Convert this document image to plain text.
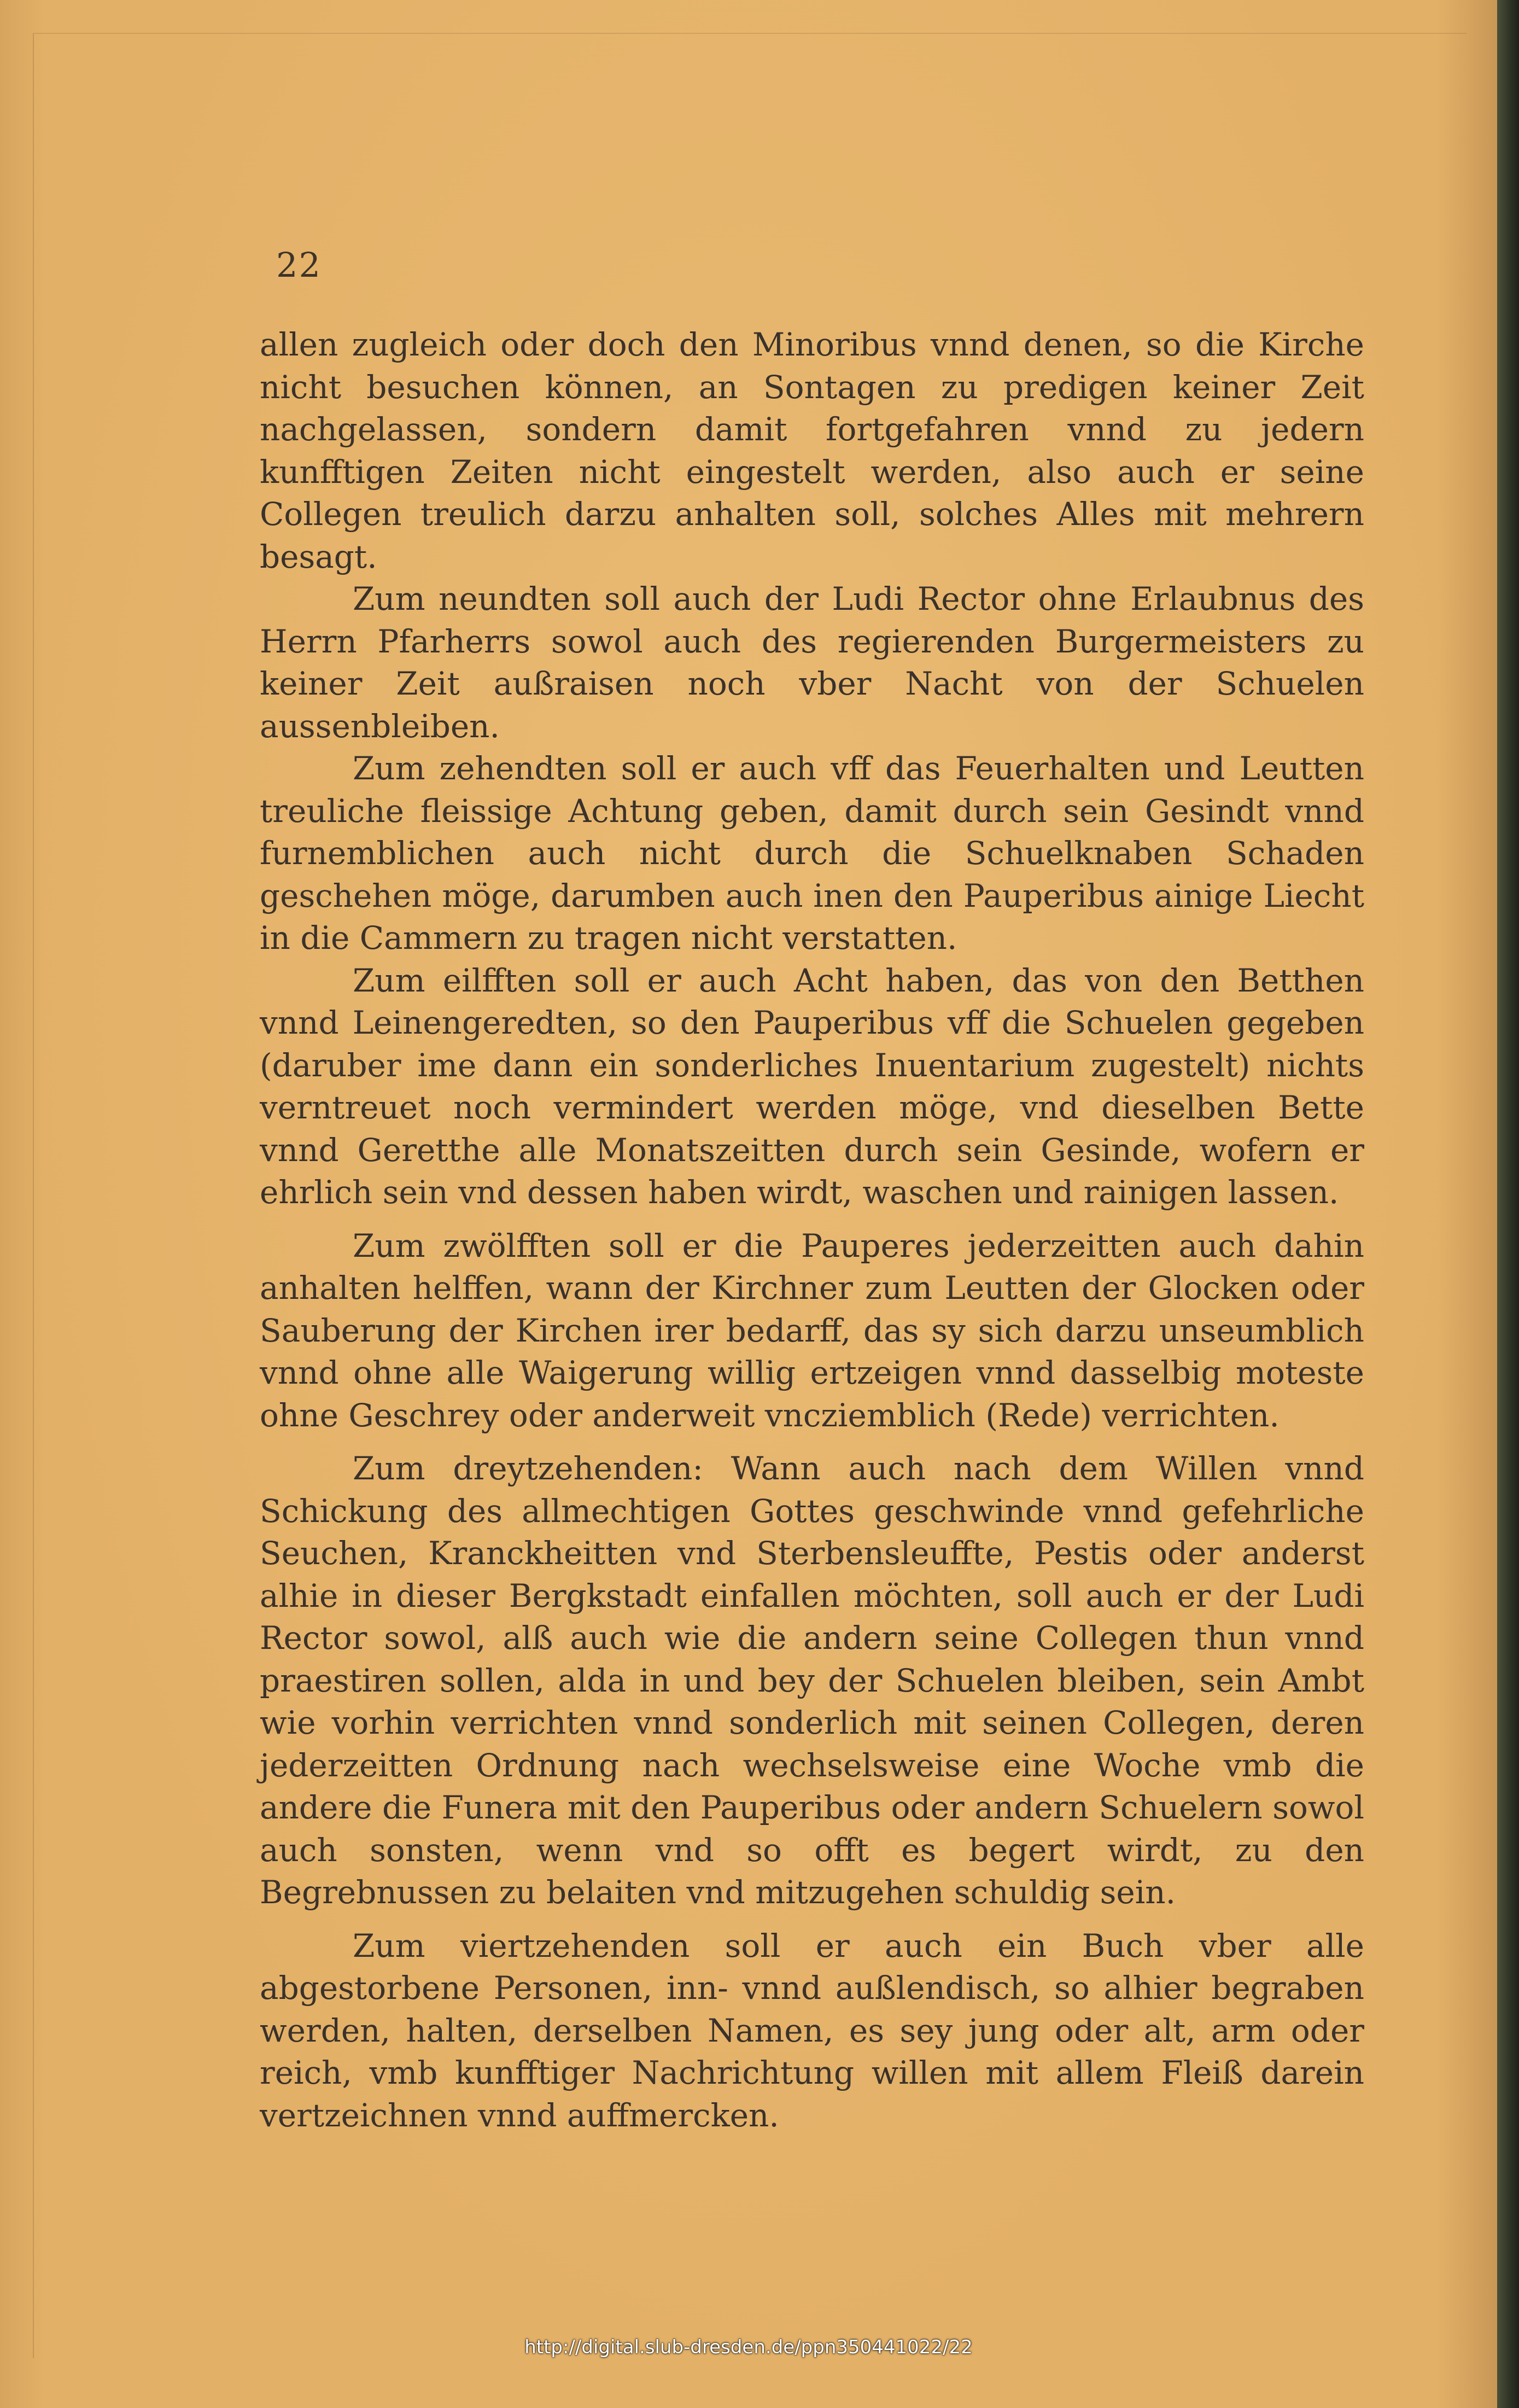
22

allen zugleich oder doch den Minoribus vnnd denen, so die Kirche nicht besuchen können, an Sontagen zu predigen keiner Zeit nachgelassen, sondern damit fortgefahren vnnd zu jedern kunfftigen Zeiten nicht eingestelt werden, also auch er seine Collegen treulich darzu anhalten soll, solches Alles mit mehrern besagt.

Zum neundten soll auch der Ludi Rector ohne Erlaubnus des Herrn Pfarherrs sowol auch des regierenden Burgermeisters zu keiner Zeit außraisen noch vber Nacht von der Schuelen aussenbleiben.

Zum zehendten soll er auch vff das Feuerhalten und Leutten treuliche fleissige Achtung geben, damit durch sein Gesindt vnnd furnemblichen auch nicht durch die Schuelknaben Schaden geschehen möge, darumben auch inen den Pauperibus ainige Liecht in die Cammern zu tragen nicht verstatten.

Zum eilfften soll er auch Acht haben, das von den Betthen vnnd Leinengeredten, so den Pauperibus vff die Schuelen gegeben (daruber ime dann ein sonderliches Inuentarium zugestelt) nichts verntreuet noch vermindert werden möge, vnd dieselben Bette vnnd Geretthe alle Monatszeitten durch sein Gesinde, wofern er ehrlich sein vnd dessen haben wirdt, waschen und rainigen lassen.

Zum zwölfften soll er die Pauperes jederzeitten auch dahin anhalten helffen, wann der Kirchner zum Leutten der Glocken oder Sauberung der Kirchen irer bedarff, das sy sich darzu unseumblich vnnd ohne alle Waigerung willig ertzeigen vnnd dasselbig moteste ohne Geschrey oder anderweit vncziemblich (Rede) verrichten.

Zum dreytzehenden: Wann auch nach dem Willen vnnd Schickung des allmechtigen Gottes geschwinde vnnd gefehrliche Seuchen, Kranckheitten vnd Sterbensleuffte, Pestis oder anderst alhie in dieser Bergkstadt einfallen möchten, soll auch er der Ludi Rector sowol, alß auch wie die andern seine Collegen thun vnnd praestiren sollen, alda in und bey der Schuelen bleiben, sein Ambt wie vorhin verrichten vnnd sonderlich mit seinen Collegen, deren jederzeitten Ordnung nach wechselsweise eine Woche vmb die andere die Funera mit den Pauperibus oder andern Schuelern sowol auch sonsten, wenn vnd so offt es begert wirdt, zu den Begrebnussen zu belaiten vnd mitzugehen schuldig sein.

Zum viertzehenden soll er auch ein Buch vber alle abgestorbene Personen, inn- vnnd außlendisch, so alhier begraben werden, halten, derselben Namen, es sey jung oder alt, arm oder reich, vmb kunfftiger Nachrichtung willen mit allem Fleiß darein vertzeichnen vnnd auffmercken.

http://digital.slub-dresden.de/ppn350441022/22
